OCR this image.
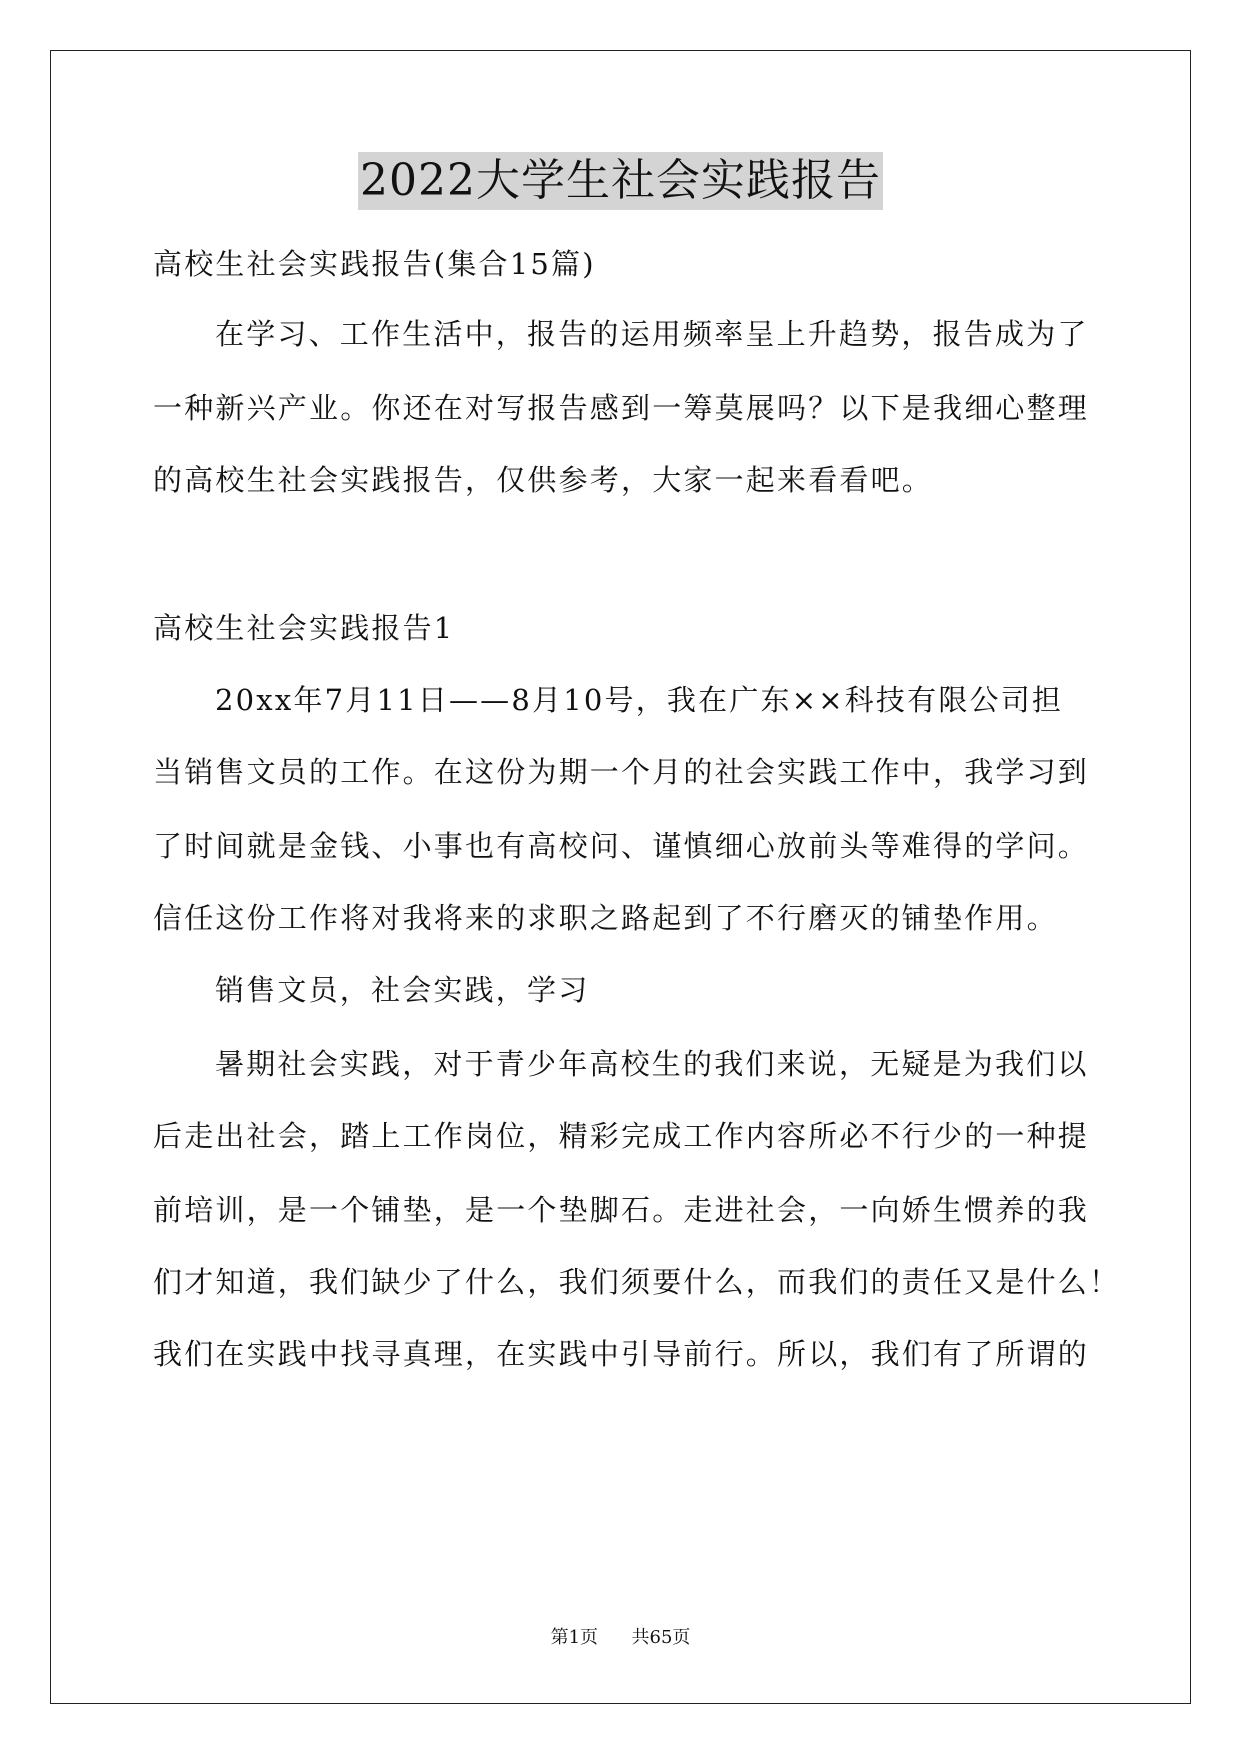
2022大学生社会实践报告
高校生社会实践报告(集合15篇)
在学习、工作生活中，报告的运用频率呈上升趋势，报告成为了
一种新兴产业。你还在对写报告感到一筹莫展吗？以下是我细心整理
的高校生社会实践报告，仅供参考，大家一起来看看吧。
高校生社会实践报告1
20xx年7月11日——8月10号，我在广东××科技有限公司担
当销售文员的工作。在这份为期一个月的社会实践工作中，我学习到
了时间就是金钱、小事也有高校问、谨慎细心放前头等难得的学问。
信任这份工作将对我将来的求职之路起到了不行磨灭的铺垫作用。
销售文员，社会实践，学习
暑期社会实践，对于青少年高校生的我们来说，无疑是为我们以
后走出社会，踏上工作岗位，精彩完成工作内容所必不行少的一种提
前培训，是一个铺垫，是一个垫脚石。走进社会，一向娇生惯养的我
们才知道，我们缺少了什么，我们须要什么，而我们的责任又是什么！
我们在实践中找寻真理，在实践中引导前行。所以，我们有了所谓的
第1页 共65页
